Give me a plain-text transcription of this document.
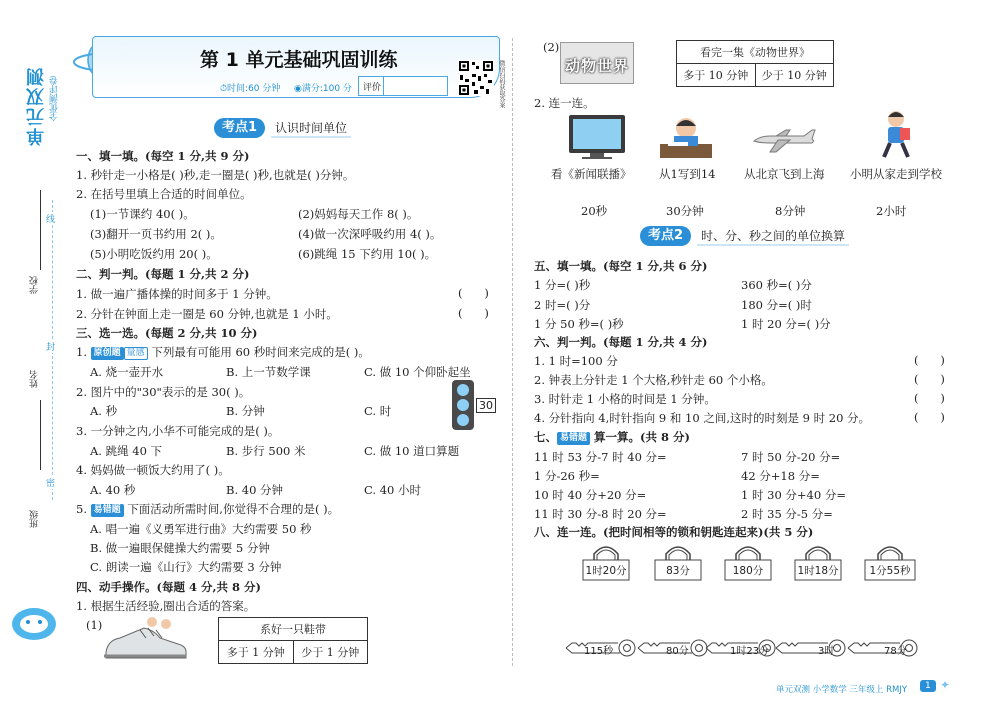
单元双测 全优测评卷
线
封
密
学校
姓名
班级
第 1 单元基础巩固训练
⏱时间:60 分钟 ◉满分:100 分 评价	微信扫码获取答案
考点1	认识时间单位
一、填一填。(每空 1 分,共 9 分)
1. 秒针走一小格是( )秒,走一圈是( )秒,也就是( )分钟。
2. 在括号里填上合适的时间单位。
(1)一节课约 40( )。	(2)妈妈每天工作 8( )。
(3)翻开一页书约用 2( )。	(4)做一次深呼吸约用 4( )。
(5)小明吃饭约用 20( )。	(6)跳绳 15 下约用 10( )。
二、判一判。(每题 1 分,共 2 分)
1. 做一遍广播体操的时间多于 1 分钟。	(      )
2. 分针在钟面上走一圈是 60 分钟,也就是 1 小时。	(      )
三、选一选。(每题 2 分,共 10 分)
1. 原创题 量感 下列最有可能用 60 秒时间来完成的是( )。
A. 烧一壶开水	B. 上一节数学课	C. 做 10 个仰卧起坐
2. 图片中的"30"表示的是 30( )。
A. 秒	B. 分钟	C. 时	30
3. 一分钟之内,小华不可能完成的是( )。
A. 跳绳 40 下	B. 步行 500 米	C. 做 10 道口算题
4. 妈妈做一顿饭大约用了( )。
A. 40 秒	B. 40 分钟	C. 40 小时
5. 易错题 下面活动所需时间,你觉得不合理的是( )。
A. 唱一遍《义勇军进行曲》大约需要 50 秒
B. 做一遍眼保健操大约需要 5 分钟
C. 朗读一遍《山行》大约需要 3 分钟
四、动手操作。(每题 4 分,共 8 分)
1. 根据生活经验,圈出合适的答案。
(1)	系好一只鞋带
多于 1 分钟	少于 1 分钟
(2)
动物世界
看完一集《动物世界》
多于 10 分钟	少于 10 分钟
2. 连一连。
看《新闻联播》 从1写到14 从北京飞到上海 小明从家走到学校
20秒	30分钟	8分钟	2小时
考点2	时、分、秒之间的单位换算
五、填一填。(每空 1 分,共 6 分)
1 分=( )秒	360 秒=( )分
2 时=( )分	180 分=( )时
1 分 50 秒=( )秒	1 时 20 分=( )分
六、判一判。(每题 1 分,共 4 分)
1. 1 时=100 分	(      )
2. 钟表上分针走 1 个大格,秒针走 60 个小格。	(      )
3. 时针走 1 小格的时间是 1 分钟。	(      )
4. 分针指向 4,时针指向 9 和 10 之间,这时的时刻是 9 时 20 分。	(      )
七、 易错题 算一算。(共 8 分)
11 时 53 分-7 时 40 分=	7 时 50 分-20 分=
1 分-26 秒=	42 分+18 分=
10 时 40 分+20 分=	1 时 30 分+40 分=
11 时 30 分-8 时 20 分=	2 时 35 分-5 分=
八、连一连。(把时间相等的锁和钥匙连起来)(共 5 分)
1时20分	83分	180分	1时18分	1分55秒
115秒	80分	1时23分	3时	78分
单元双测 小学数学 三年级上 RMJY	1 ✦
